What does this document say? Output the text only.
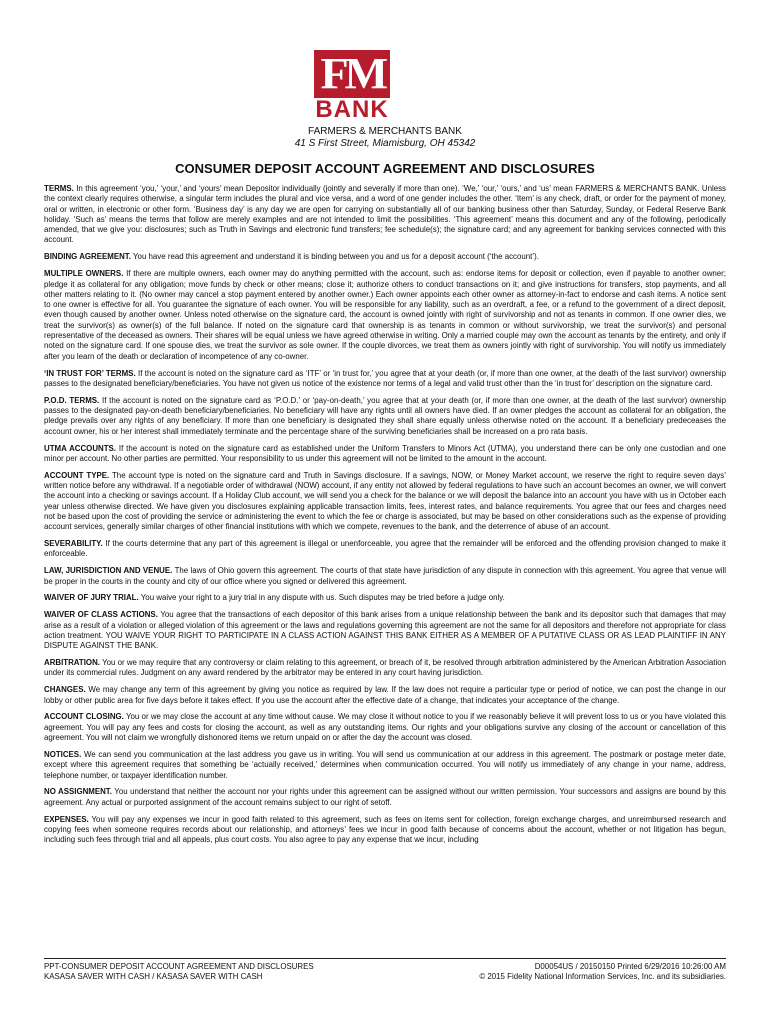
FM
BANK
FARMERS & MERCHANTS BANK
41 S First Street, Miamisburg, OH 45342
CONSUMER DEPOSIT ACCOUNT AGREEMENT AND DISCLOSURES

TERMS. In this agreement ‘you,’ ‘your,’ and ‘yours’ mean Depositor individually (jointly and severally if more than one). ‘We,’ ‘our,’ ‘ours,’ and ‘us’ mean FARMERS & MERCHANTS BANK. Unless the context clearly requires otherwise, a singular term includes the plural and vice versa, and a word of one gender includes the other. ‘Item’ is any check, draft, or order for the payment of money, oral or written, in electronic or other form. ‘Business day’ is any day we are open for carrying on substantially all of our banking business other than Saturday, Sunday, or Federal Reserve Bank holiday. ‘Such as’ means the terms that follow are merely examples and are not intended to limit the possibilities. ‘This agreement’ means this document and any of the following, periodically amended, that we give you: disclosures; such as Truth in Savings and electronic fund transfers; fee schedule(s); the signature card; and any agreement for banking services connected with this account.

BINDING AGREEMENT. You have read this agreement and understand it is binding between you and us for a deposit account (‘the account’).

MULTIPLE OWNERS. If there are multiple owners, each owner may do anything permitted with the account, such as: endorse items for deposit or collection, even if payable to another owner; pledge it as collateral for any obligation; move funds by check or other means; close it; authorize others to conduct transactions on it; and give instructions for transfers, stop payments, and all other matters relating to it. (No owner may cancel a stop payment entered by another owner.) Each owner appoints each other owner as attorney-in-fact to endorse and cash items. A notice sent to one owner is effective for all. You guarantee the signature of each owner. You will be responsible for any liability, such as an overdraft, a fee, or a refund to the government of a direct deposit, even though caused by another owner. Unless noted otherwise on the signature card, the account is owned jointly with right of survivorship and not as tenants in common. If one owner dies, we treat the survivor(s) as owner(s) of the full balance. If noted on the signature card that ownership is as tenants in common or without survivorship, we treat the survivor(s) and personal representative of the deceased as owners. Their shares will be equal unless we have agreed otherwise in writing. Only a married couple may own the account as tenants by the entirety, and only if noted on the signature card. If one spouse dies, we treat the survivor as sole owner. If the couple divorces, we treat them as owners jointly with right of survivorship. You will notify us immediately after you learn of the death or declaration of incompetence of any co-owner.

‘IN TRUST FOR’ TERMS. If the account is noted on the signature card as ‘ITF’ or ‘in trust for,’ you agree that at your death (or, if more than one owner, at the death of the last survivor) ownership passes to the designated beneficiary/beneficiaries. You have not given us notice of the existence nor terms of a legal and valid trust other than the ‘in trust for’ description on the signature card.

P.O.D. TERMS. If the account is noted on the signature card as ‘P.O.D.’ or ‘pay-on-death,’ you agree that at your death (or, if more than one owner, at the death of the last survivor) ownership passes to the designated pay-on-death beneficiary/beneficiaries. No beneficiary will have any rights until all owners have died. If an owner pledges the account as collateral for an obligation, the pledge prevails over any rights of any beneficiary. If more than one beneficiary is designated they shall share equally unless otherwise noted on the account. If a beneficiary predeceases the account owner, his or her interest shall immediately terminate and the percentage share of the surviving beneficiaries shall be increased on a pro rata basis.

UTMA ACCOUNTS. If the account is noted on the signature card as established under the Uniform Transfers to Minors Act (UTMA), you understand there can be only one custodian and one minor per account. No other parties are permitted. Your responsibility to us under this agreement will not be limited to the amount in the account.

ACCOUNT TYPE. The account type is noted on the signature card and Truth in Savings disclosure. If a savings, NOW, or Money Market account, we reserve the right to require seven days’ written notice before any withdrawal. If a negotiable order of withdrawal (NOW) account, if any entity not allowed by federal regulations to have such an account becomes an owner, we will convert the account into a checking or savings account. If a Holiday Club account, we will send you a check for the balance or we will deposit the balance into an account you have with us in October each year unless otherwise directed. We have given you disclosures explaining applicable transaction limits, fees, interest rates, and balance requirements. You agree that our fees and charges need not be based upon the cost of providing the service or administering the event to which the fee or charge is associated, but may be based on other considerations such as the expense of providing account services, generally similar charges of other financial institutions with which we compete, revenues to the bank, and the deterrence of abuse of an account.

SEVERABILITY. If the courts determine that any part of this agreement is illegal or unenforceable, you agree that the remainder will be enforced and the offending provision changed to make it enforceable.

LAW, JURISDICTION AND VENUE. The laws of Ohio govern this agreement. The courts of that state have jurisdiction of any dispute in connection with this agreement. You agree that venue will be proper in the courts in the county and city of our office where you signed or delivered this agreement.

WAIVER OF JURY TRIAL. You waive your right to a jury trial in any dispute with us. Such disputes may be tried before a judge only.

WAIVER OF CLASS ACTIONS. You agree that the transactions of each depositor of this bank arises from a unique relationship between the bank and its depositor such that damages that may arise as a result of a violation or alleged violation of this agreement or the laws and regulations governing this agreement are not the same for all depositors and therefore not appropriate for class action treatment. YOU WAIVE YOUR RIGHT TO PARTICIPATE IN A CLASS ACTION AGAINST THIS BANK EITHER AS A MEMBER OF A PUTATIVE CLASS OR AS LEAD PLAINTIFF IN ANY DISPUTE AGAINST THE BANK.

ARBITRATION. You or we may require that any controversy or claim relating to this agreement, or breach of it, be resolved through arbitration administered by the American Arbitration Association under its commercial rules. Judgment on any award rendered by the arbitrator may be entered in any court having jurisdiction.

CHANGES. We may change any term of this agreement by giving you notice as required by law. If the law does not require a particular type or period of notice, we can post the change in our lobby or other public area for five days before it takes effect. If you use the account after the effective date of a change, that indicates your acceptance of the change.

ACCOUNT CLOSING. You or we may close the account at any time without cause. We may close it without notice to you if we reasonably believe it will prevent loss to us or you have violated this agreement. You will pay any fees and costs for closing the account, as well as any outstanding items. Our rights and your obligations survive any closing of the account or cancellation of this agreement. You will not claim we wrongfully dishonored items we return unpaid on or after the day the account was closed.

NOTICES. We can send you communication at the last address you gave us in writing. You will send us communication at our address in this agreement. The postmark or postage meter date, except where this agreement requires that something be ‘actually received,’ determines when communication occurred. You will notify us immediately of any change in your name, address, telephone number, or taxpayer identification number.

NO ASSIGNMENT. You understand that neither the account nor your rights under this agreement can be assigned without our written permission. Your successors and assigns are bound by this agreement. Any actual or purported assignment of the account remains subject to our right of setoff.

EXPENSES. You will pay any expenses we incur in good faith related to this agreement, such as fees on items sent for collection, foreign exchange charges, and unreimbursed research and copying fees when someone requires records about our relationship, and attorneys’ fees we incur in good faith because of concerns about the account, whether or not litigation has begun, including such fees through trial and all appeals, plus court costs. You also agree to pay any expense that we incur, including

PPT-CONSUMER DEPOSIT ACCOUNT AGREEMENT AND DISCLOSURES
KASASA SAVER WITH CASH / KASASA SAVER WITH CASH
D00054US / 20150150 Printed 6/29/2016 10:26:00 AM
© 2015 Fidelity National Information Services, Inc. and its subsidiaries.
